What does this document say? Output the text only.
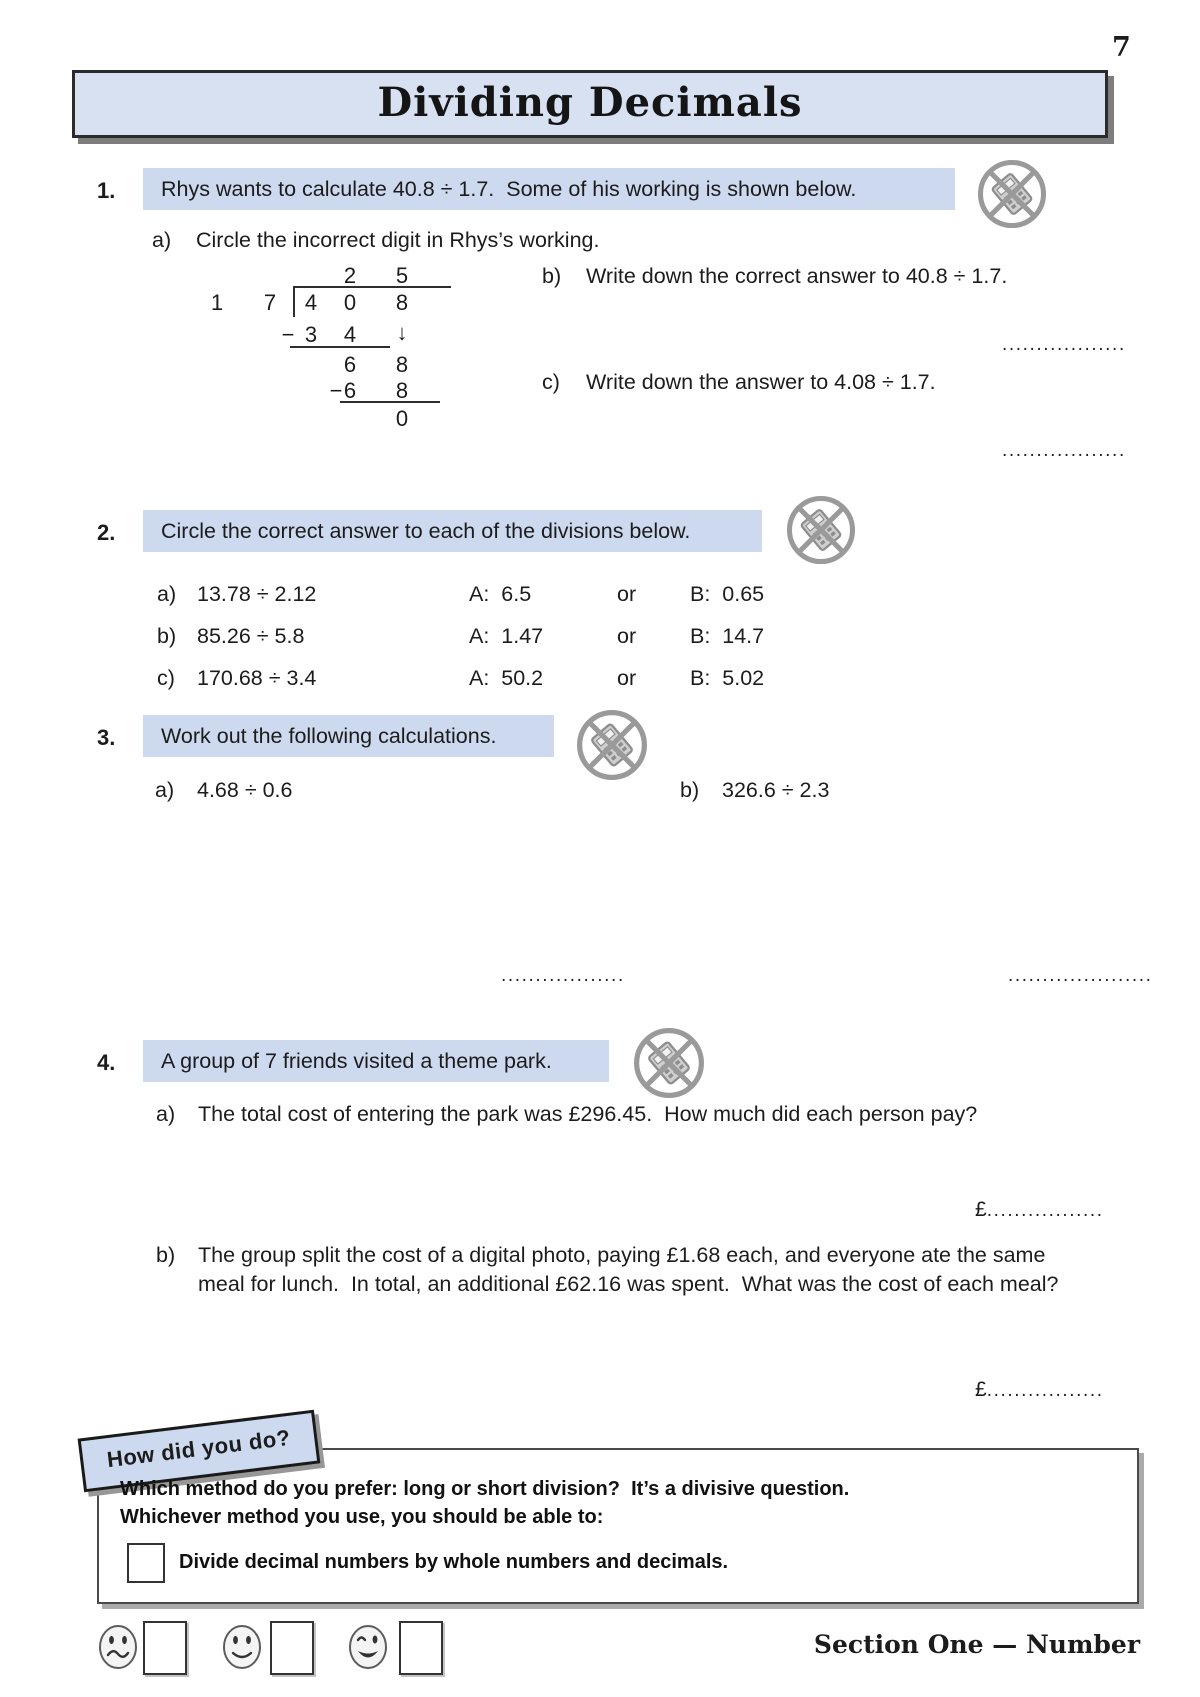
7
Dividing Decimals
1.	Rhys wants to calculate 40.8 ÷ 1.7.  Some of his working is shown below.
a) Circle the incorrect digit in Rhys’s working.
2	5
1	7	4	0	8
− 3	4	↓
6	8
− 6	8
0
b) Write down the correct answer to 40.8 ÷ 1.7.
..................
c) Write down the answer to 4.08 ÷ 1.7.
..................
2.	Circle the correct answer to each of the divisions below.
a) 13.78 ÷ 2.12	A:  6.5	or	B:  0.65
b) 85.26 ÷ 5.8	A:  1.47	or	B:  14.7
c) 170.68 ÷ 3.4	A:  50.2	or	B:  5.02
3.	Work out the following calculations.
a) 4.68 ÷ 0.6	b) 326.6 ÷ 2.3
..................	.....................
4.	A group of 7 friends visited a theme park.
a) The total cost of entering the park was £296.45.  How much did each person pay?
£.................
b) The group split the cost of a digital photo, paying £1.68 each, and everyone ate the same
meal for lunch.  In total, an additional £62.16 was spent.  What was the cost of each meal?
£.................
How did you do?
Which method do you prefer: long or short division?  It’s a divisive question.
Whichever method you use, you should be able to:
Divide decimal numbers by whole numbers and decimals.
Section One — Number
